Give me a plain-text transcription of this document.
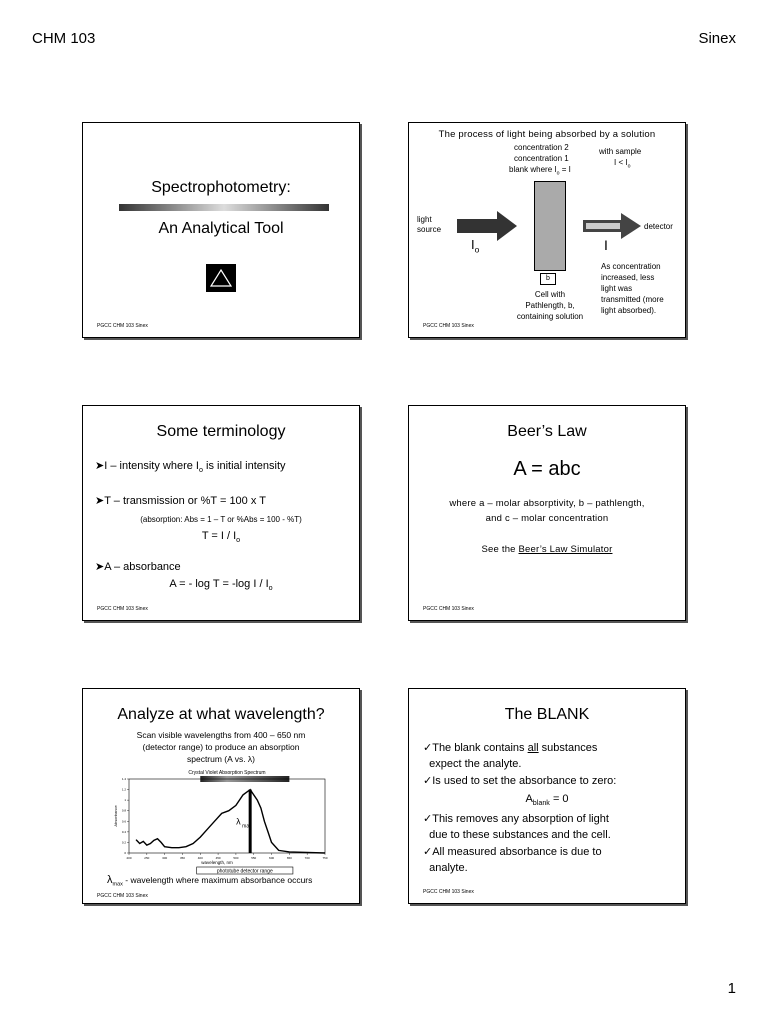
CHM 103	Sinex
1
Spectrophotometry:
An Analytical Tool
PGCC CHM 103 Sinex
The process of light being absorbed by a solution
concentration 2
concentration 1
blank where $I_o = I$
with sample
$I < I_o$
light
source
$I_o$
b
detector
I
Cell with
Pathlength, b,
containing solution
As concentration
increased, less
light was
transmitted (more
light absorbed).
PGCC CHM 103 Sinex
Some terminology
➤I – intensity where $I_o$ is initial intensity
➤T – transmission or %T = 100 x T
(absorption: Abs = 1 – T or %Abs = 100 - %T)
$T = I / I_o$
➤A – absorbance
A = - log T = -log I / $I_o$
PGCC CHM 103 Sinex
Beer’s Law
A = abc
where a – molar absorptivity, b – pathlength,
and c – molar concentration
See the Beer’s Law Simulator
PGCC CHM 103 Sinex
Analyze at what wavelength?
Scan visible wavelengths from 400 – 650 nm
(detector range) to produce an absorption
spectrum (A vs. λ)
Crystal Violet Absorption Spectrum
200	250	300	350	400	450	500	550	600	650	700	750
0
0.2
0.4
0.6
0.8
1
1.2
1.4
Absorbance
wavelength, nm
λ max
phototube detector range
$\lambda_{max}$ - wavelength where maximum absorbance occurs
PGCC CHM 103 Sinex
The BLANK
✓The blank contains all substances
expect the analyte.
✓Is used to set the absorbance to zero:
$A_{blank} = 0$
✓This removes any absorption of light
due to these substances and the cell.
✓All measured absorbance is due to
analyte.
PGCC CHM 103 Sinex
